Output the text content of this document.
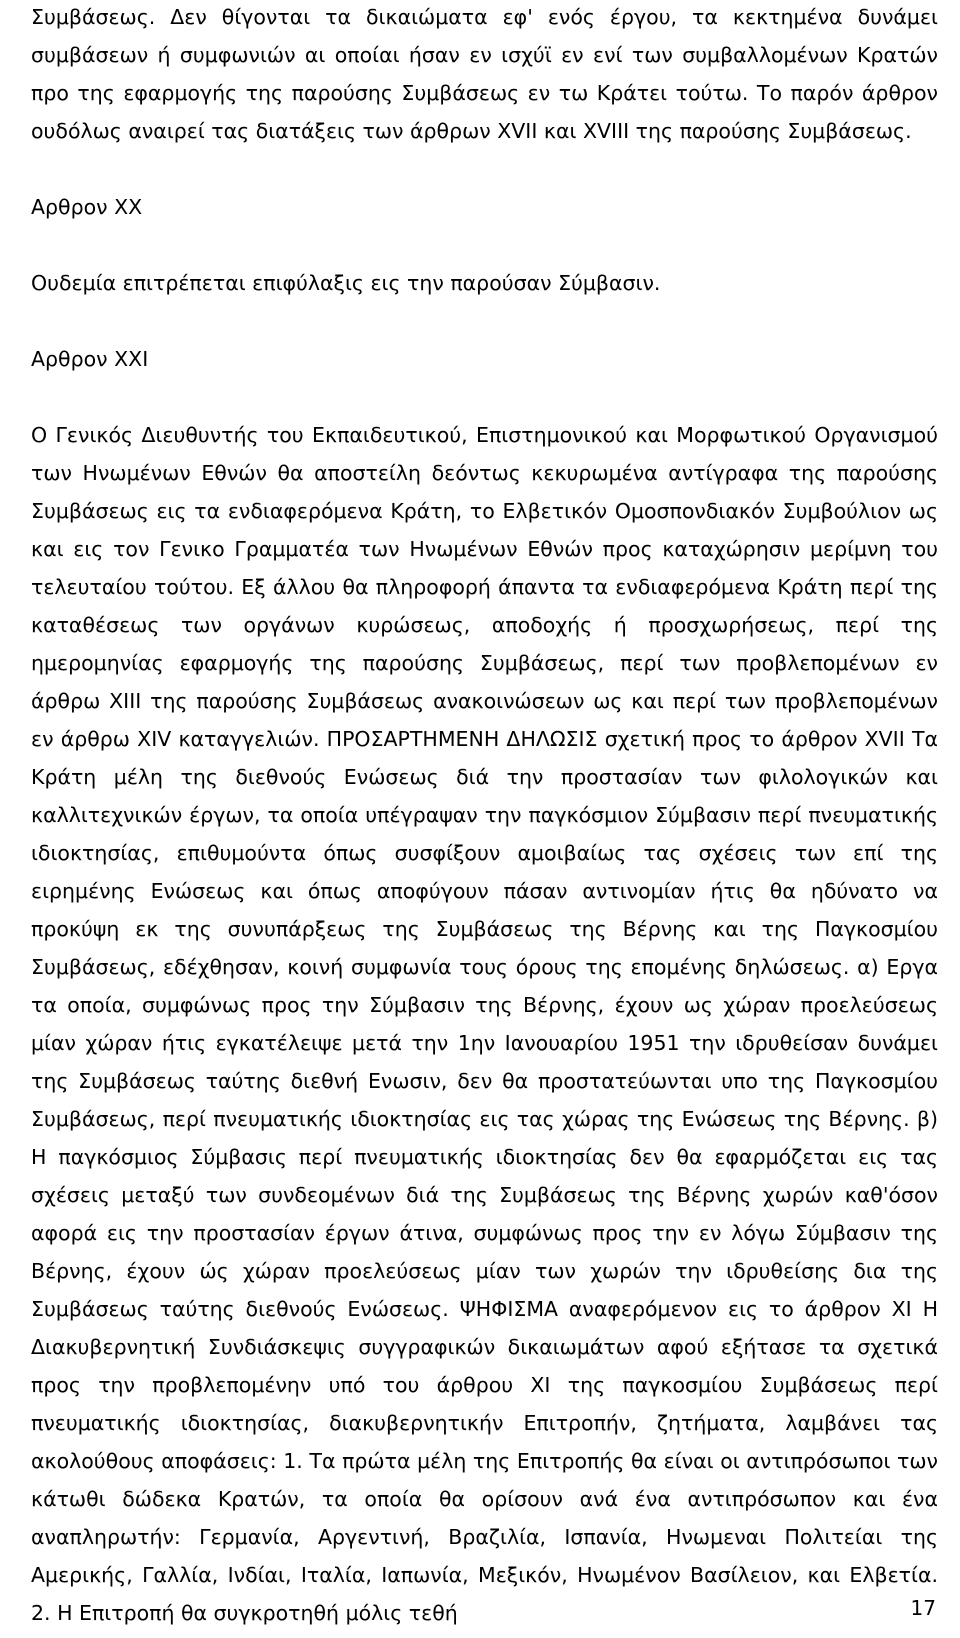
Συμβάσεως. Δεν θίγονται τα δικαιώματα εφ' ενός έργου, τα κεκτημένα δυνάμει συμβάσεων ή συμφωνιών αι οποίαι ήσαν εν ισχύϊ εν ενί των συμβαλλομένων Κρατών προ της εφαρμογής της παρούσης Συμβάσεως εν τω Κράτει τούτω. Το παρόν άρθρον ουδόλως αναιρεί τας διατάξεις των άρθρων XVII και XVIII της παρούσης Συμβάσεως.

Αρθρον ΧΧ

Ουδεμία επιτρέπεται επιφύλαξις εις την παρούσαν Σύμβασιν.

Αρθρον ΧΧΙ

Ο Γενικός Διευθυντής του Εκπαιδευτικού, Επιστημονικού και Μορφωτικού Οργανισμού των Ηνωμένων Εθνών θα αποστείλη δεόντως κεκυρωμένα αντίγραφα της παρούσης Συμβάσεως εις τα ενδιαφερόμενα Κράτη, το Ελβετικόν Ομοσπονδιακόν Συμβούλιον ως και εις τον Γενικο Γραμματέα των Ηνωμένων Εθνών προς καταχώρησιν μερίμνη του τελευταίου τούτου. Εξ άλλου θα πληροφορή άπαντα τα ενδιαφερόμενα Κράτη περί της καταθέσεως των οργάνων κυρώσεως, αποδοχής ή προσχωρήσεως, περί της ημερομηνίας εφαρμογής της παρούσης Συμβάσεως, περί των προβλεπομένων εν άρθρω ΧΙΙΙ της παρούσης Συμβάσεως ανακοινώσεων ως και περί των προβλεπομένων εν άρθρω XIV καταγγελιών. ΠΡΟΣΑΡΤΗΜΕΝΗ ΔΗΛΩΣΙΣ σχετική προς το άρθρον XVII Τα Κράτη μέλη της διεθνούς Ενώσεως διά την προστασίαν των φιλολογικών και καλλιτεχνικών έργων, τα οποία υπέγραψαν την παγκόσμιον Σύμβασιν περί πνευματικής ιδιοκτησίας, επιθυμούντα όπως συσφίξουν αμοιβαίως τας σχέσεις των επί της ειρημένης Ενώσεως και όπως αποφύγουν πάσαν αντινομίαν ήτις θα ηδύνατο να προκύψη εκ της συνυπάρξεως της Συμβάσεως της Βέρνης και της Παγκοσμίου Συμβάσεως, εδέχθησαν, κοινή συμφωνία τους όρους της επομένης δηλώσεως. α) Εργα τα οποία, συμφώνως προς την Σύμβασιν της Βέρνης, έχουν ως χώραν προελεύσεως μίαν χώραν ήτις εγκατέλειψε μετά την 1ην Ιανουαρίου 1951 την ιδρυθείσαν δυνάμει της Συμβάσεως ταύτης διεθνή Ενωσιν, δεν θα προστατεύωνται υπο της Παγκοσμίου Συμβάσεως, περί πνευματικής ιδιοκτησίας εις τας χώρας της Ενώσεως της Βέρνης. β) Η παγκόσμιος Σύμβασις περί πνευματικής ιδιοκτησίας δεν θα εφαρμόζεται εις τας σχέσεις μεταξύ των συνδεομένων διά της Συμβάσεως της Βέρνης χωρών καθ'όσον αφορά εις την προστασίαν έργων άτινα, συμφώνως προς την εν λόγω Σύμβασιν της Βέρνης, έχουν ώς χώραν προελεύσεως μίαν των χωρών την ιδρυθείσης δια της Συμβάσεως ταύτης διεθνούς Ενώσεως. ΨΗΦΙΣΜΑ αναφερόμενον εις το άρθρον ΧΙ Η Διακυβερνητική Συνδιάσκεψις συγγραφικών δικαιωμάτων αφού εξήτασε τα σχετικά προς την προβλεπομένην υπό του άρθρου ΧΙ της παγκοσμίου Συμβάσεως περί πνευματικής ιδιοκτησίας, διακυβερνητικήν Επιτροπήν, ζητήματα, λαμβάνει τας ακολούθους αποφάσεις: 1. Τα πρώτα μέλη της Επιτροπής θα είναι οι αντιπρόσωποι των κάτωθι δώδεκα Κρατών, τα οποία θα ορίσουν ανά ένα αντιπρόσωπον και ένα αναπληρωτήν: Γερμανία, Αργεντινή, Βραζιλία, Ισπανία, Ηνωμεναι Πολιτείαι της Αμερικής, Γαλλία, Ινδίαι, Ιταλία, Ιαπωνία, Μεξικόν, Ηνωμένον Βασίλειον, και Ελβετία. 2. Η Επιτροπή θα συγκροτηθή μόλις τεθή	17
